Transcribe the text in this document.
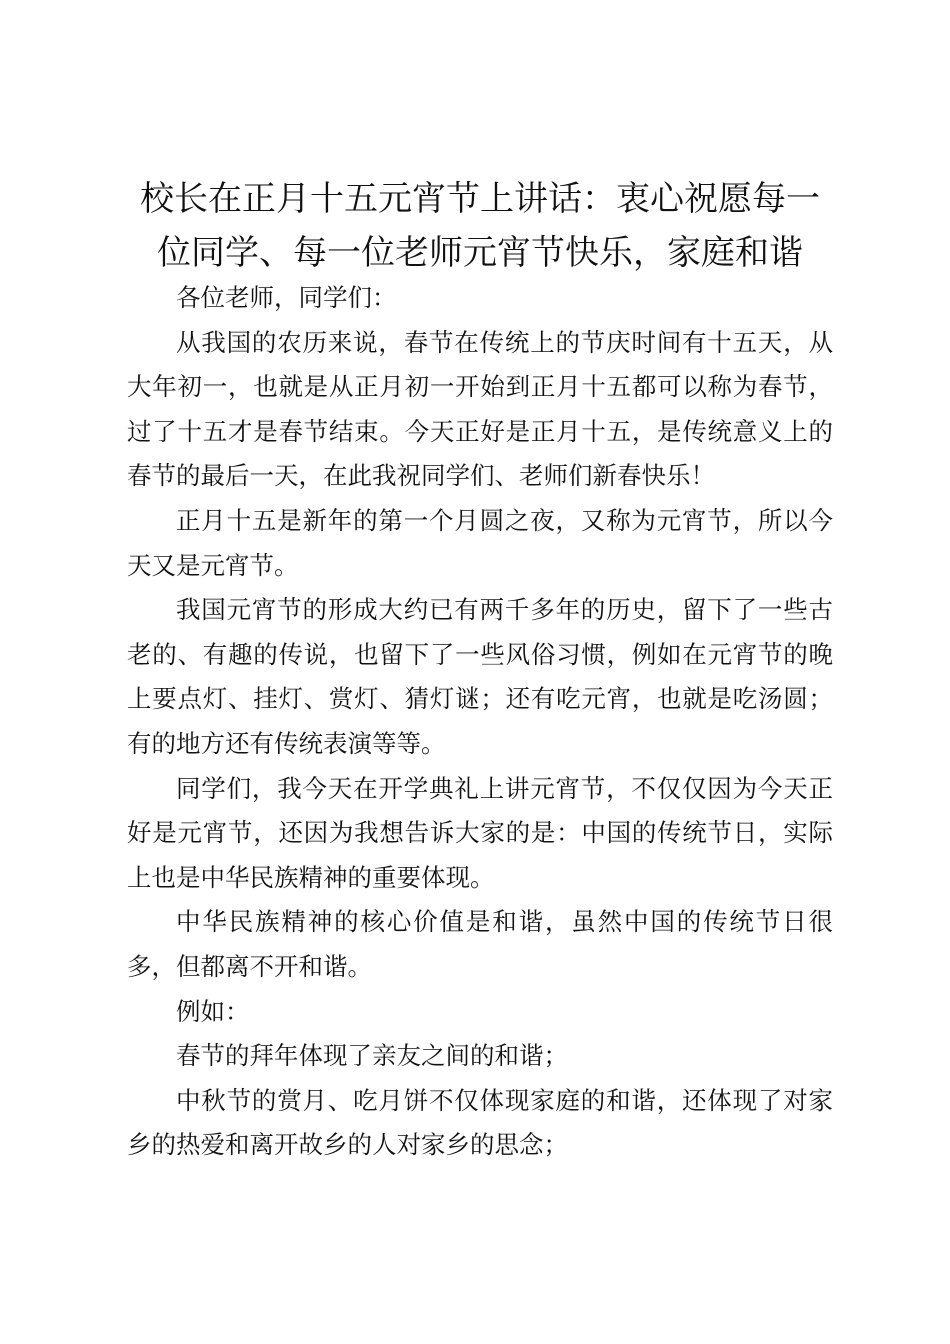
校长在正月十五元宵节上讲话：衷心祝愿每一位同学、每一位老师元宵节快乐，家庭和谐

各位老师，同学们：

从我国的农历来说，春节在传统上的节庆时间有十五天，从大年初一，也就是从正月初一开始到正月十五都可以称为春节，过了十五才是春节结束。今天正好是正月十五，是传统意义上的春节的最后一天，在此我祝同学们、老师们新春快乐！

正月十五是新年的第一个月圆之夜，又称为元宵节，所以今天又是元宵节。

我国元宵节的形成大约已有两千多年的历史，留下了一些古老的、有趣的传说，也留下了一些风俗习惯，例如在元宵节的晚上要点灯、挂灯、赏灯、猜灯谜；还有吃元宵，也就是吃汤圆；有的地方还有传统表演等等。

同学们，我今天在开学典礼上讲元宵节，不仅仅因为今天正好是元宵节，还因为我想告诉大家的是：中国的传统节日，实际上也是中华民族精神的重要体现。

中华民族精神的核心价值是和谐，虽然中国的传统节日很多，但都离不开和谐。

例如：

春节的拜年体现了亲友之间的和谐；

中秋节的赏月、吃月饼不仅体现家庭的和谐，还体现了对家乡的热爱和离开故乡的人对家乡的思念；
